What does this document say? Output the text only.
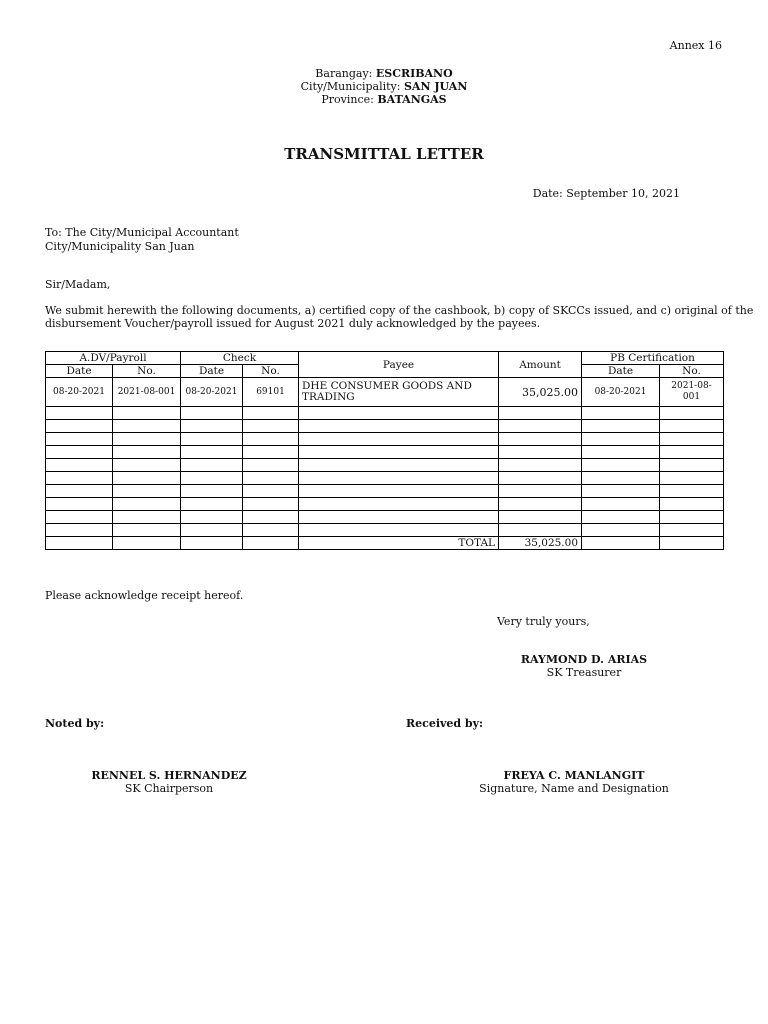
Annex 16
Barangay: ESCRIBANO
City/Municipality: SAN JUAN
Province: BATANGAS
TRANSMITTAL LETTER
Date: September 10, 2021
To: The City/Municipal Accountant
City/Municipality San Juan
Sir/Madam,
We submit herewith the following documents, a) certified copy of the cashbook, b) copy of SKCCs issued, and c) original of the
disbursement Voucher/payroll issued for August 2021 duly acknowledged by the payees.
A.DV/Payroll		Check		Payee	Amount	PB Certification	
Date	No.	Date	No.			Date	No.
08-20-2021	2021-08-001	08-20-2021	69101	DHE CONSUMER GOODS AND TRADING	35,025.00	08-20-2021	2021-08-001

				TOTAL	35,025.00		
Please acknowledge receipt hereof.
Very truly yours,
RAYMOND D. ARIAS
SK Treasurer
Noted by:	Received by:
RENNEL S. HERNANDEZ
SK Chairperson
FREYA C. MANLANGIT
Signature, Name and Designation
